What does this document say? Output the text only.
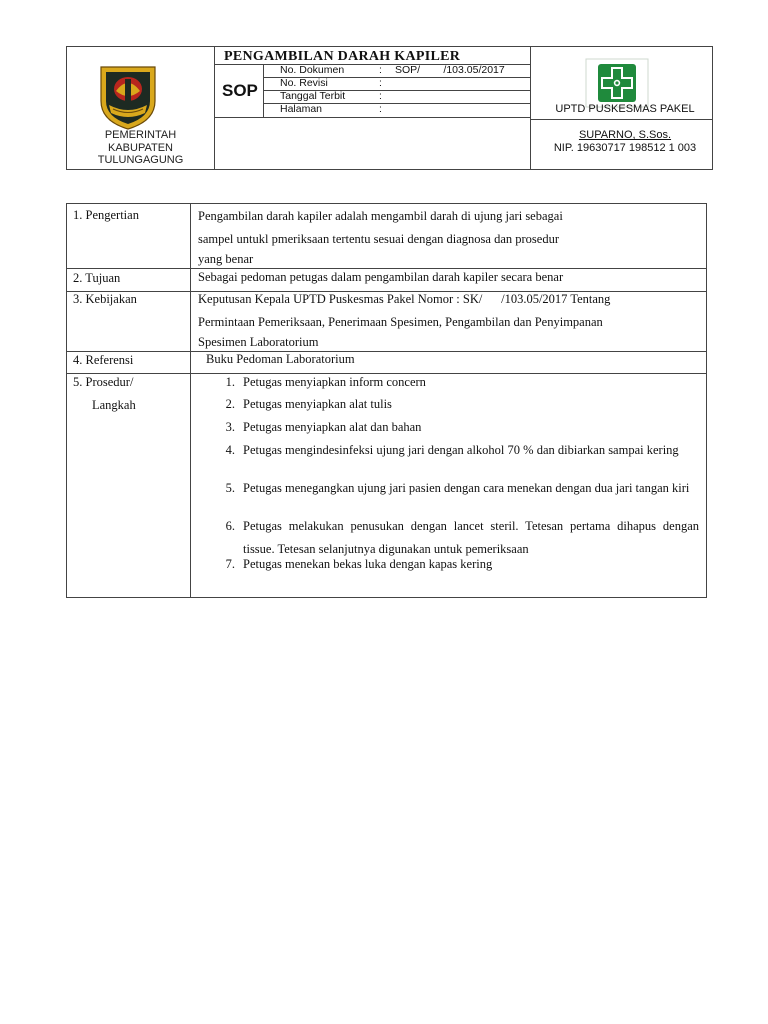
PEMERINTAH
KABUPATEN
TULUNGAGUNG
PENGAMBILAN DARAH KAPILER
SOP
No. Dokumen	: SOP/        /103.05/2017
No. Revisi	:
Tanggal Terbit	:
Halaman	:	UPTD PUSKESMAS PAKEL
SUPARNO, S.Sos.
NIP. 19630717 198512 1 003
1. Pengertian	Pengambilan darah kapiler adalah mengambil darah di ujung jari sebagai
sampel untukl pmeriksaan tertentu sesuai dengan diagnosa dan prosedur
yang benar
2. Tujuan	Sebagai pedoman petugas dalam pengambilan darah kapiler secara benar
3. Kebijakan	Keputusan Kepala UPTD Puskesmas Pakel Nomor : SK/      /103.05/2017 Tentang
Permintaan Pemeriksaan, Penerimaan Spesimen, Pengambilan dan Penyimpanan
Spesimen Laboratorium
4. Referensi	Buku Pedoman Laboratorium
5. Prosedur/
Langkah
1. Petugas menyiapkan inform concern
2. Petugas menyiapkan alat tulis
3. Petugas menyiapkan alat dan bahan
4. Petugas mengindesinfeksi ujung jari dengan alkohol 70 % dan dibiarkan sampai kering
5. Petugas menegangkan ujung jari pasien dengan cara menekan dengan dua jari tangan kiri
6. Petugas melakukan penusukan dengan lancet steril. Tetesan pertama dihapus dengan tissue. Tetesan selanjutnya digunakan untuk pemeriksaan
7. Petugas menekan bekas luka dengan kapas kering
